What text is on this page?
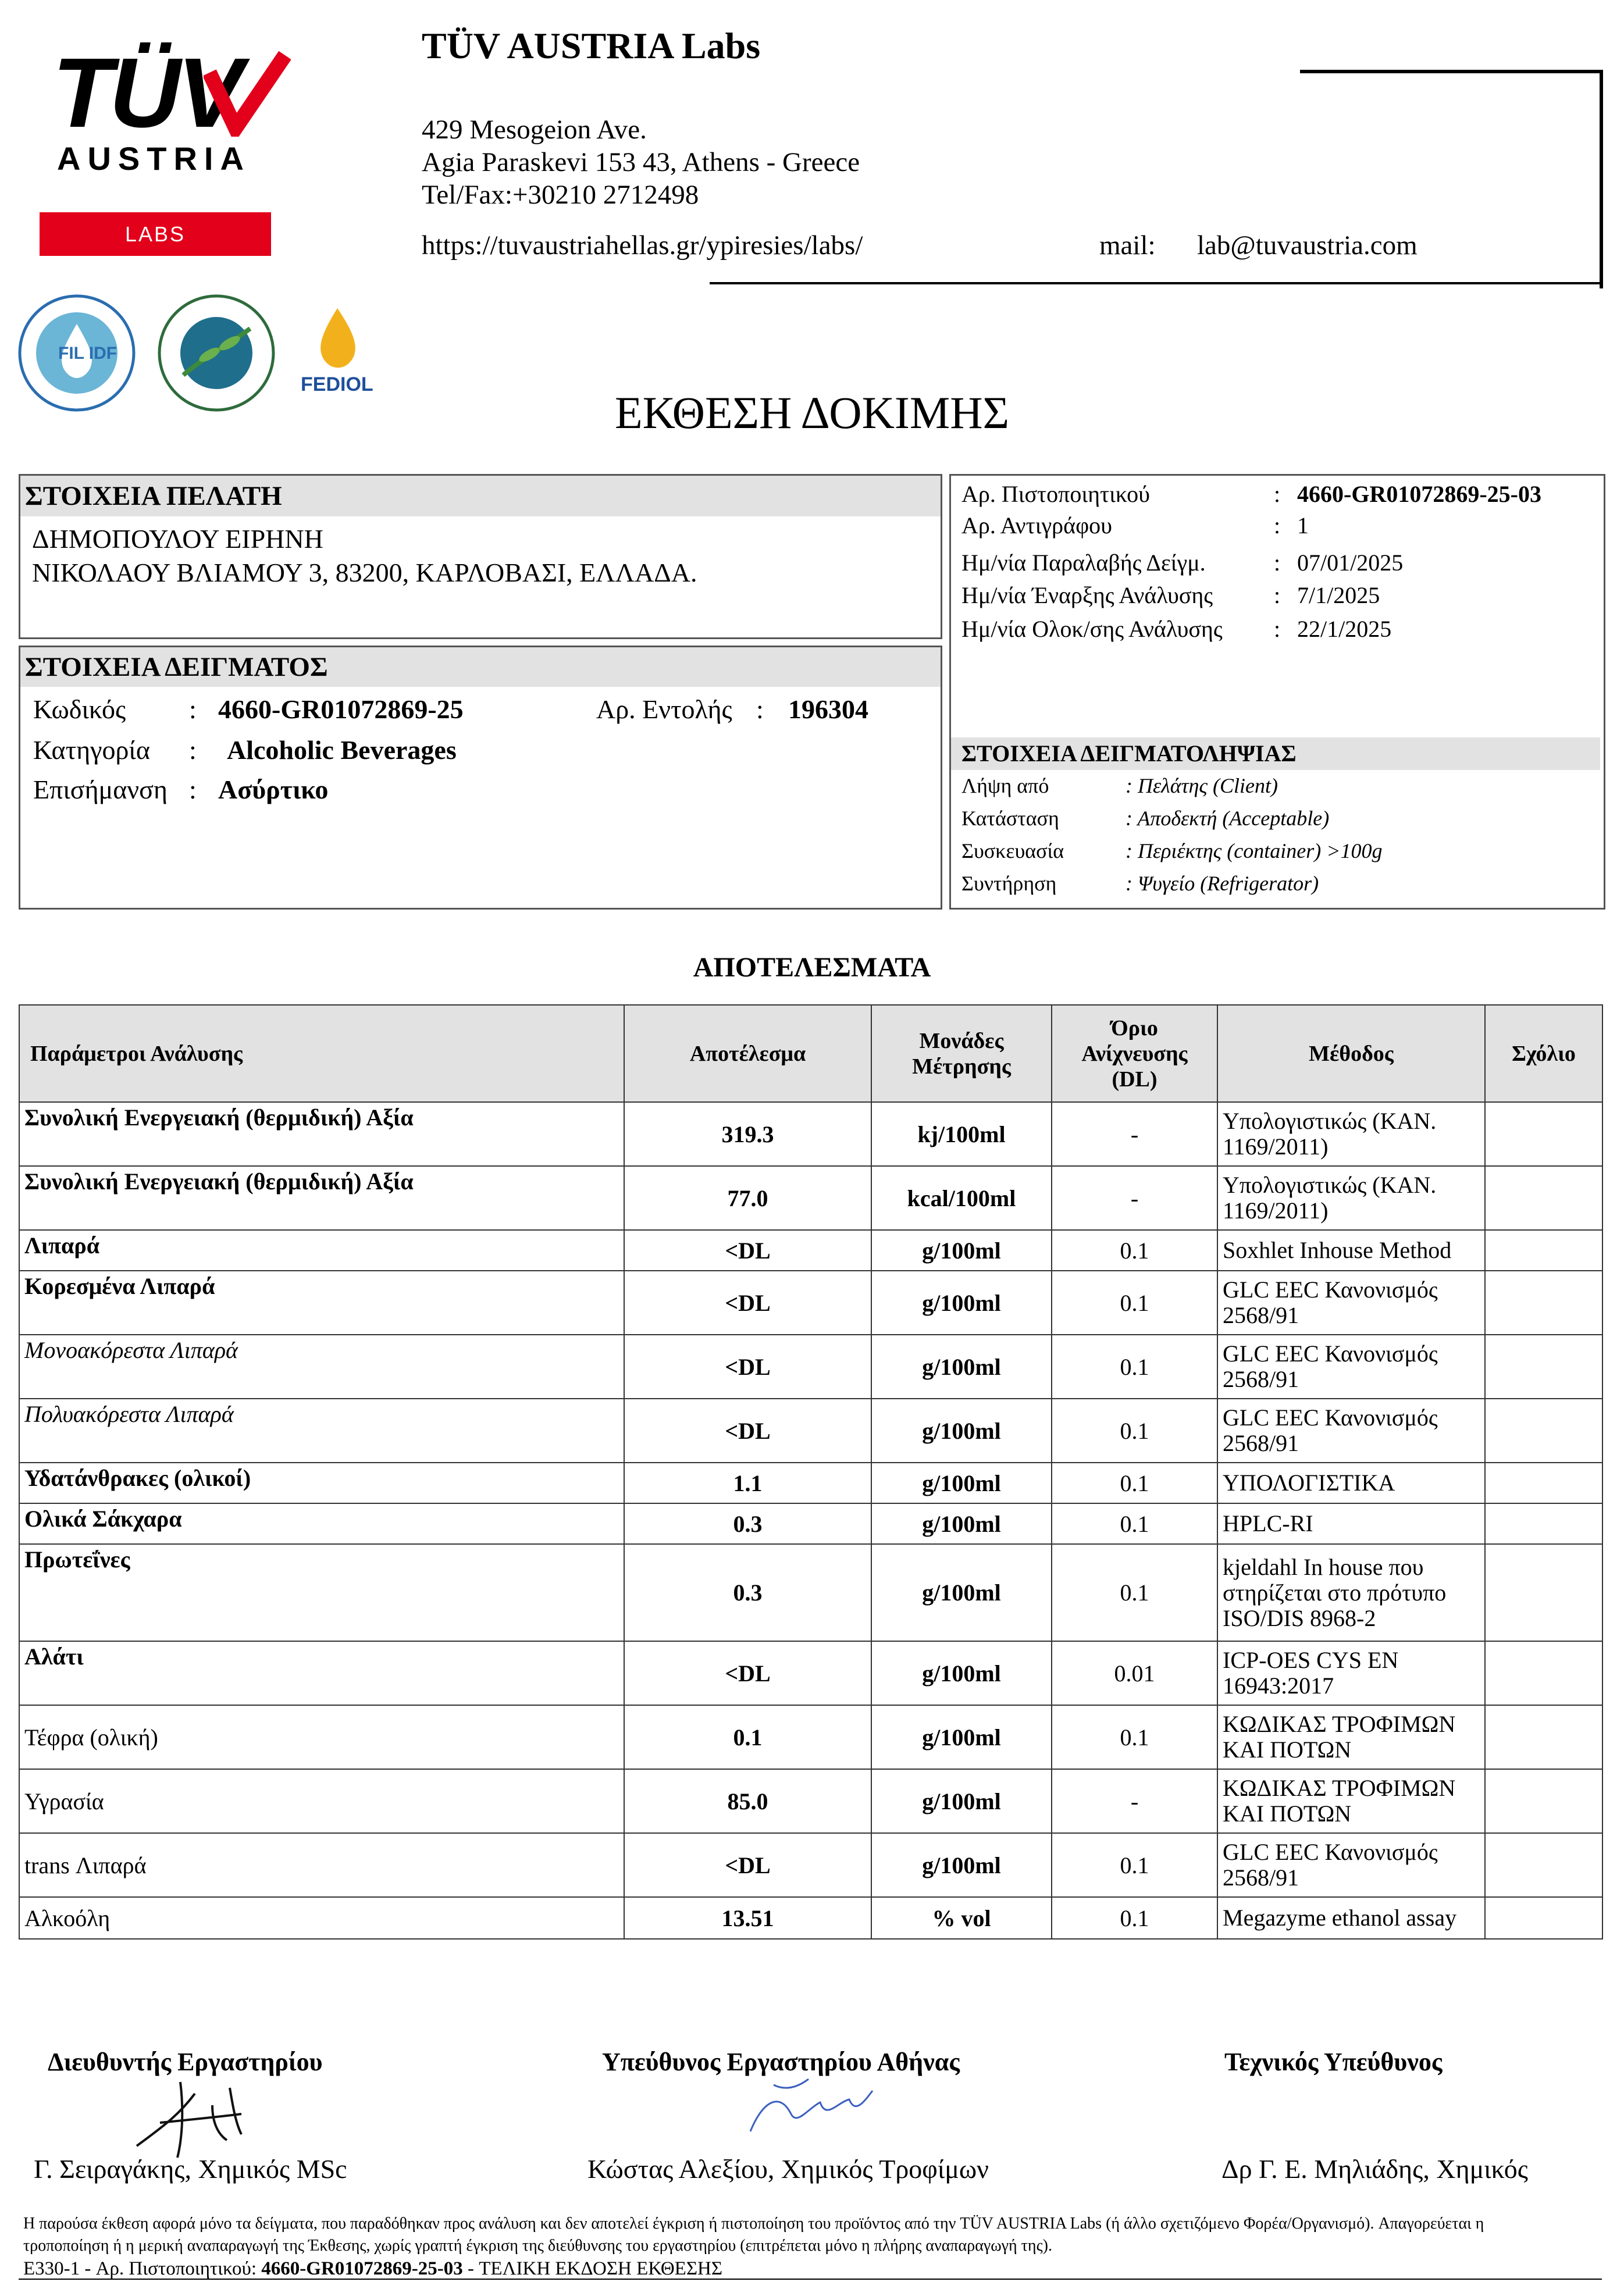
TÜV
AUSTRIA
LABS
TÜV AUSTRIA Labs
429 Mesogeion Ave.
Agia Paraskevi 153 43, Athens - Greece
Tel/Fax:+30210 2712498
https://tuvaustriahellas.gr/ypiresies/labs/	mail: lab@tuvaustria.com
FIL IDF
FEDIOL
ΕΚΘΕΣΗ ΔΟΚΙΜΗΣ
ΣΤΟΙΧΕΙΑ ΠΕΛΑΤΗ
ΔΗΜΟΠΟΥΛΟΥ ΕΙΡΗΝΗ
ΝΙΚΟΛΑΟΥ ΒΛΙΑΜΟΥ 3, 83200, ΚΑΡΛΟΒΑΣΙ, ΕΛΛΑΔΑ.
ΣΤΟΙΧΕΙΑ ΔΕΙΓΜΑΤΟΣ
Κωδικός : 4660-GR01072869-25	Αρ. Εντολής : 196304
Κατηγορία : Alcoholic Beverages
Επισήμανση : Ασύρτικο
Αρ. Πιστοποιητικού	: 4660-GR01072869-25-03
Αρ. Αντιγράφου	: 1
Ημ/νία Παραλαβής Δείγμ.	: 07/01/2025
Ημ/νία Έναρξης Ανάλυσης	: 7/1/2025
Ημ/νία Ολοκ/σης Ανάλυσης : 22/1/2025
ΣΤΟΙΧΕΙΑ ΔΕΙΓΜΑΤΟΛΗΨΙΑΣ
Λήψη από	: Πελάτης (Client)
Κατάσταση	: Αποδεκτή (Acceptable)
Συσκευασία	: Περιέκτης (container) >100g
Συντήρηση	: Ψυγείο (Refrigerator)
ΑΠΟΤΕΛΕΣΜΑΤΑ
Παράμετροι Ανάλυσης	Αποτέλεσμα	Μονάδες Μέτρησης	Όριο Ανίχνευσης (DL)	Μέθοδος	Σχόλιο
Συνολική Ενεργειακή (θερμιδική) Αξία	319.3	kj/100ml	-	Υπολογιστικώς (ΚΑΝ. 1169/2011)	
Συνολική Ενεργειακή (θερμιδική) Αξία	77.0	kcal/100ml	-	Υπολογιστικώς (ΚΑΝ. 1169/2011)	
Λιπαρά	<DL	g/100ml	0.1	Soxhlet Inhouse Method	
Κορεσμένα Λιπαρά	<DL	g/100ml	0.1	GLC EEC Κανονισμός 2568/91	
Μονοακόρεστα Λιπαρά	<DL	g/100ml	0.1	GLC EEC Κανονισμός 2568/91	
Πολυακόρεστα Λιπαρά	<DL	g/100ml	0.1	GLC EEC Κανονισμός 2568/91	
Υδατάνθρακες (ολικοί)	1.1	g/100ml	0.1	ΥΠΟΛΟΓΙΣΤΙΚΑ	
Ολικά Σάκχαρα	0.3	g/100ml	0.1	HPLC-RI	
Πρωτεΐνες	0.3	g/100ml	0.1	kjeldahl In house που στηρίζεται στο πρότυπο ISO/DIS 8968-2	
Αλάτι	<DL	g/100ml	0.01	ICP-OES CYS EN 16943:2017	
Τέφρα (ολική)	0.1	g/100ml	0.1	ΚΩΔΙΚΑΣ ΤΡΟΦΙΜΩΝ ΚΑΙ ΠΟΤΩΝ	
Υγρασία	85.0	g/100ml	-	ΚΩΔΙΚΑΣ ΤΡΟΦΙΜΩΝ ΚΑΙ ΠΟΤΩΝ	
trans Λιπαρά	<DL	g/100ml	0.1	GLC EEC Κανονισμός 2568/91	
Αλκοόλη	13.51	% vol	0.1	Megazyme ethanol assay	
Διευθυντής Εργαστηρίου	Υπεύθυνος Εργαστηρίου Αθήνας	Τεχνικός Υπεύθυνος
Γ. Σειραγάκης, Χημικός MSc	Κώστας Αλεξίου, Χημικός Τροφίμων	Δρ Γ. Ε. Μηλιάδης, Χημικός
Η παρούσα έκθεση αφορά μόνο τα δείγματα, που παραδόθηκαν προς ανάλυση και δεν αποτελεί έγκριση ή πιστοποίηση του προϊόντος από την TÜV AUSTRIA Labs (ή άλλο σχετιζόμενο Φορέα/Οργανισμό). Απαγορεύεται η
τροποποίηση ή η μερική αναπαραγωγή της Έκθεσης, χωρίς γραπτή έγκριση της διεύθυνσης του εργαστηρίου (επιτρέπεται μόνο η πλήρης αναπαραγωγή της).
E330-1 - Αρ. Πιστοποιητικού: 4660-GR01072869-25-03 - ΤΕΛΙΚΗ ΕΚΔΟΣΗ ΕΚΘΕΣΗΣ
